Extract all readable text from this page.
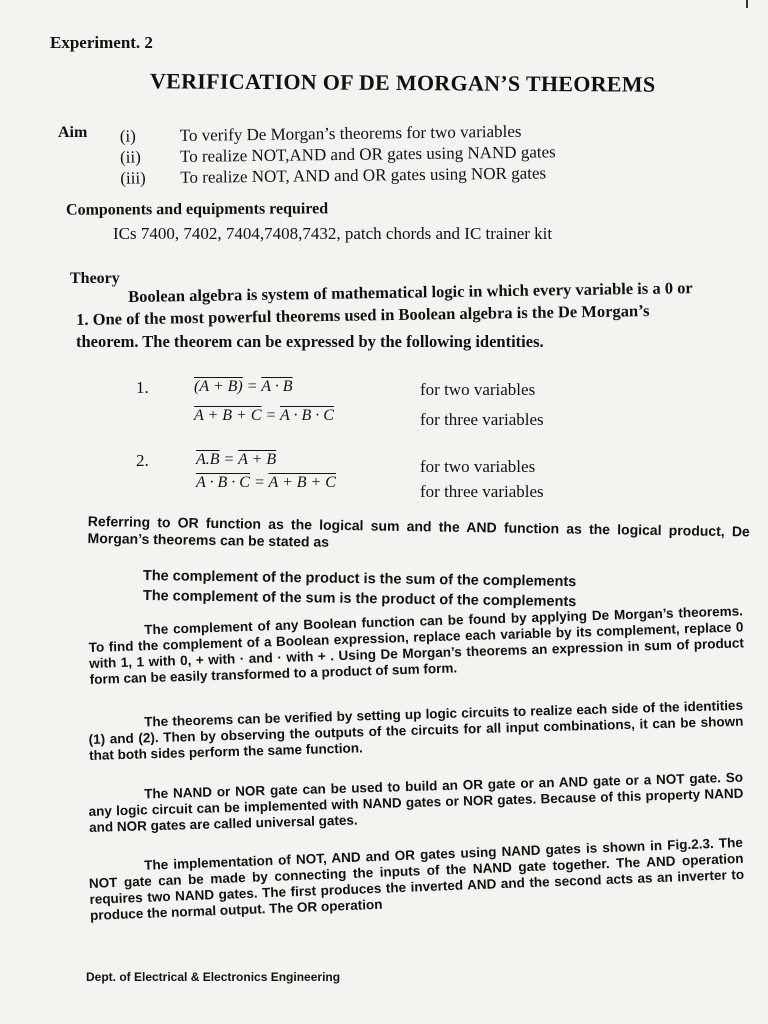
Experiment. 2
VERIFICATION OF DE MORGAN’S THEOREMS
Aim (i)	To verify De Morgan’s theorems for two variables
(ii) To realize NOT,AND and OR gates using NAND gates
(iii) To realize NOT, AND and OR gates using NOR gates
Components and equipments required
ICs 7400, 7402, 7404,7408,7432, patch chords and IC trainer kit
Theory Boolean algebra is system of mathematical logic in which every variable is a 0 or
1. One of the most powerful theorems used in Boolean algebra is the De Morgan’s
theorem. The theorem can be expressed by the following identities.
1.	(A + B) = A · B	for two variables
A + B + C = A · B · C	for three variables
2.	A.B = A + B	for two variables
A · B · C = A + B + C	for three variables

Referring to OR function as the logical sum and the AND function as the logical product, De Morgan’s theorems can be stated as

The complement of the product is the sum of the complements
The complement of the sum is the product of the complements

The complement of any Boolean function can be found by applying De Morgan’s theorems. To find the complement of a Boolean expression, replace each variable by its complement, replace 0 with 1, 1 with 0, + with · and · with + . Using De Morgan’s theorems an expression in sum of product form can be easily transformed to a product of sum form.

The theorems can be verified by setting up logic circuits to realize each side of the identities (1) and (2). Then by observing the outputs of the circuits for all input combinations, it can be shown that both sides perform the same function.

The NAND or NOR gate can be used to build an OR gate or an AND gate or a NOT gate. So any logic circuit can be implemented with NAND gates or NOR gates. Because of this property NAND and NOR gates are called universal gates.

The implementation of NOT, AND and OR gates using NAND gates is shown in Fig.2.3. The NOT gate can be made by connecting the inputs of the NAND gate together. The AND operation requires two NAND gates. The first produces the inverted AND and the second acts as an inverter to produce the normal output. The OR operation

Dept. of Electrical & Electronics Engineering
